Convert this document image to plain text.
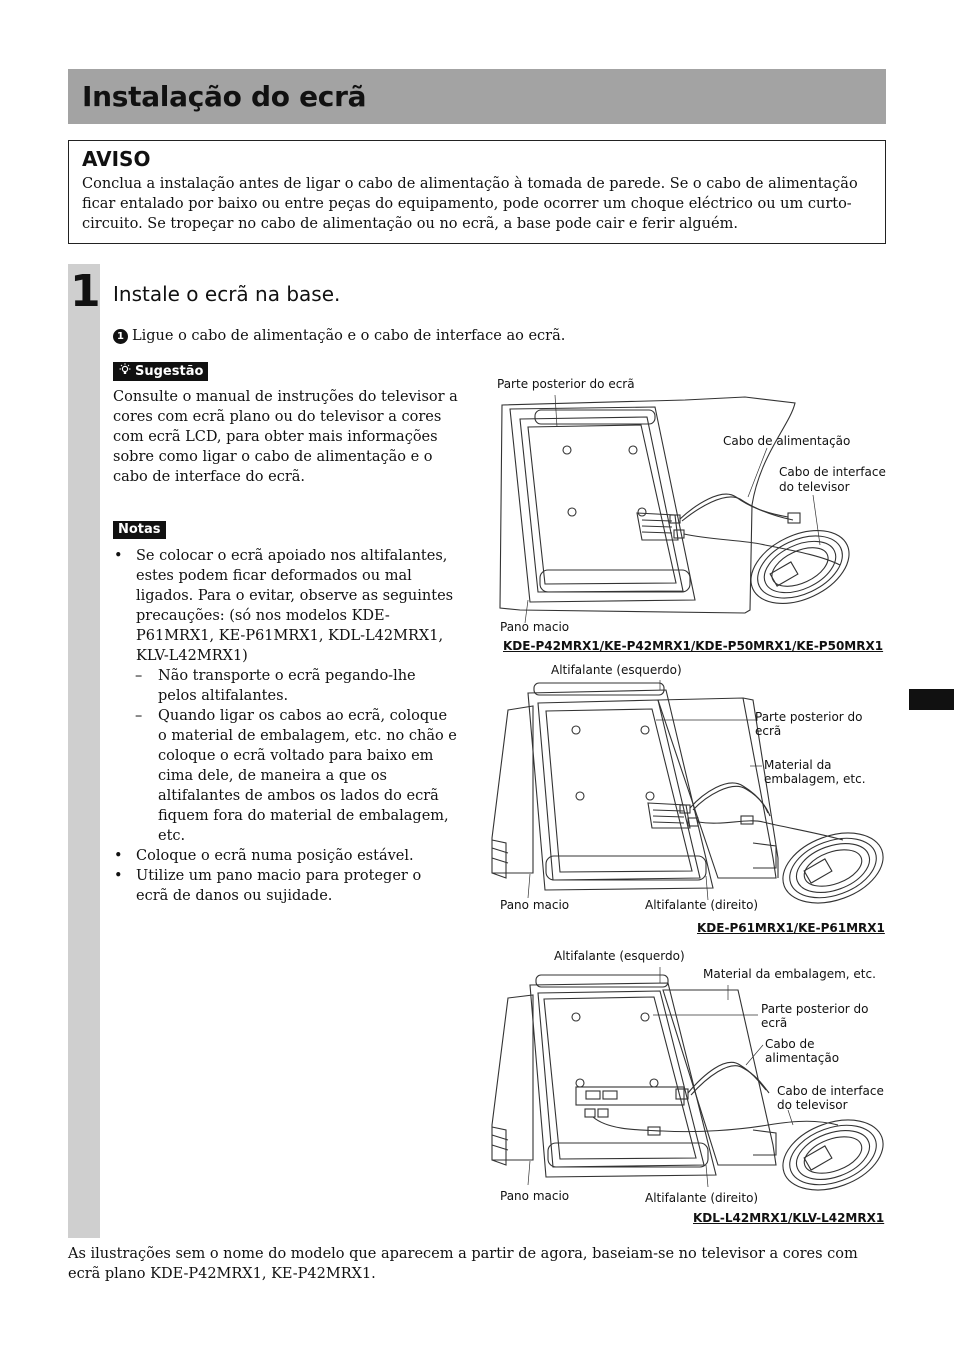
Instalação do ecrã
AVISO
Conclua a instalação antes de ligar o cabo de alimentação à tomada de parede. Se o cabo de alimentação ficar entalado por baixo ou entre peças do equipamento, pode ocorrer um choque eléctrico ou um curto-circuito. Se tropeçar no cabo de alimentação ou no ecrã, a base pode cair e ferir alguém.
1 Instale o ecrã na base.
1 Ligue o cabo de alimentação e o cabo de interface ao ecrã.
Sugestão
Consulte o manual de instruções do televisor a cores com ecrã plano ou do televisor a cores com ecrã LCD, para obter mais informações sobre como ligar o cabo de alimentação e o cabo de interface do ecrã.
Notas
• Se colocar o ecrã apoiado nos altifalantes, estes podem ficar deformados ou mal ligados. Para o evitar, observe as seguintes precauções: (só nos modelos KDE-P61MRX1, KE-P61MRX1, KDL-L42MRX1, KLV-L42MRX1)
– Não transporte o ecrã pegando-lhe pelos altifalantes.
– Quando ligar os cabos ao ecrã, coloque o material de embalagem, etc. no chão e coloque o ecrã voltado para baixo em cima dele, de maneira a que os altifalantes de ambos os lados do ecrã fiquem fora do material de embalagem, etc.
• Coloque o ecrã numa posição estável.
• Utilize um pano macio para proteger o ecrã de danos ou sujidade.
Parte posterior do ecrã
Cabo de alimentação
Cabo de interface
do televisor
Pano macio
KDE-P42MRX1/KE-P42MRX1/KDE-P50MRX1/KE-P50MRX1
Altifalante (esquerdo)
Parte posterior do
ecrã
Material da
embalagem, etc.
Pano macio	Altifalante (direito)
KDE-P61MRX1/KE-P61MRX1
Altifalante (esquerdo)
Material da embalagem, etc.
Parte posterior do
ecrã
Cabo de
alimentação
Cabo de interface
do televisor
Pano macio	Altifalante (direito)
KDL-L42MRX1/KLV-L42MRX1
As ilustrações sem o nome do modelo que aparecem a partir de agora, baseiam-se no televisor a cores com ecrã plano KDE-P42MRX1, KE-P42MRX1.
